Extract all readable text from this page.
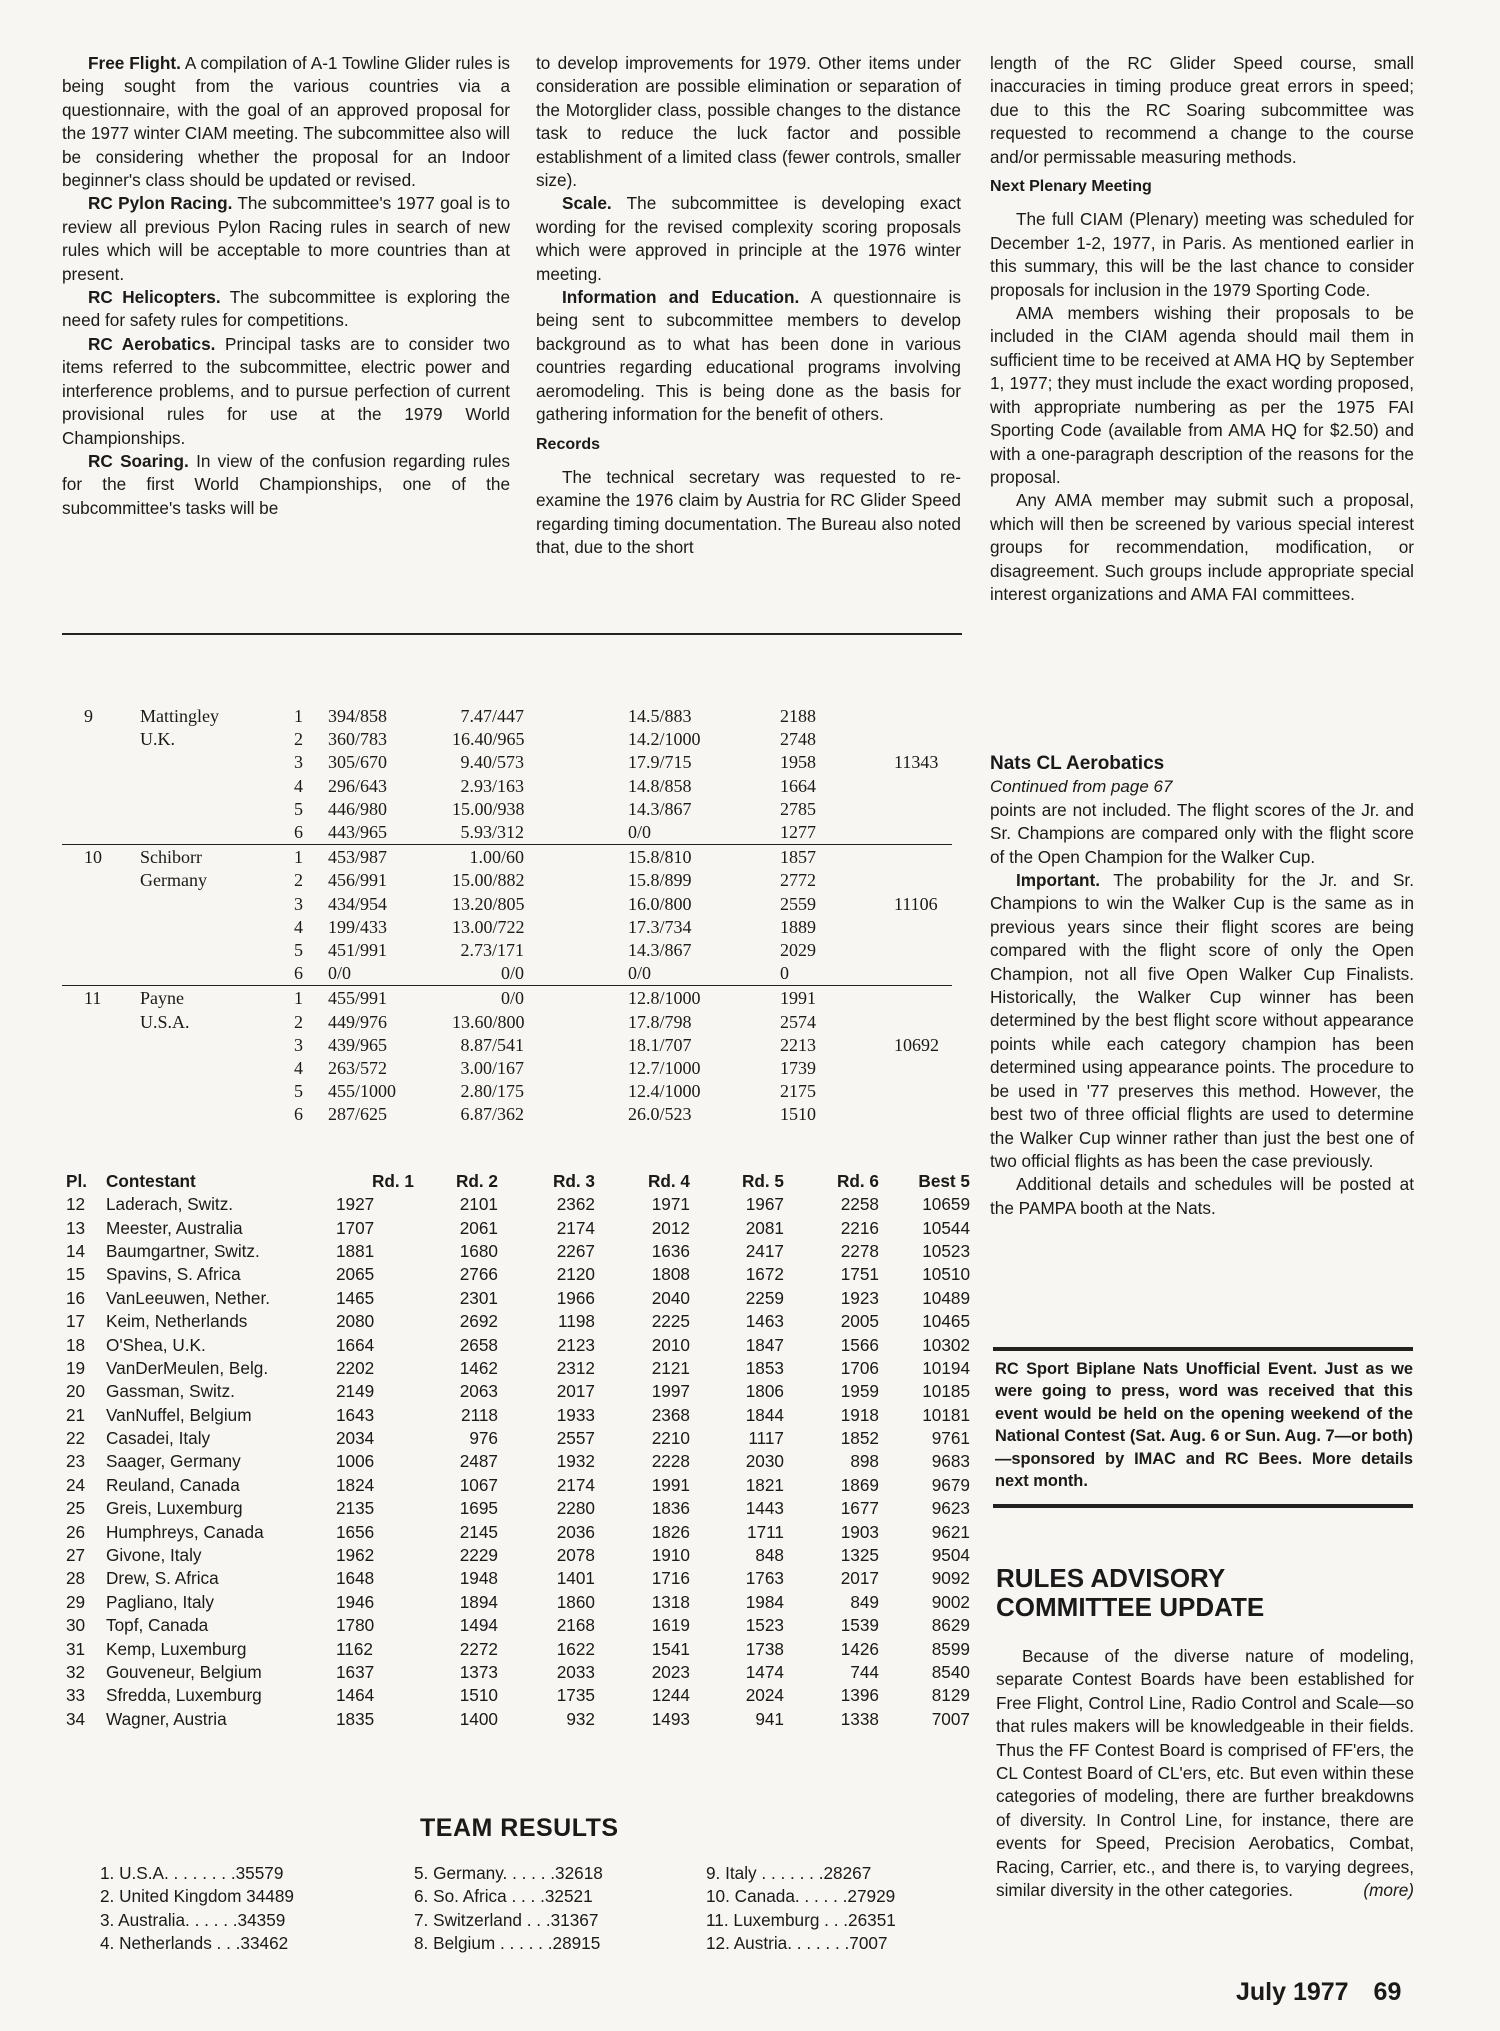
Free Flight. A compilation of A-1 Towline Glider rules is being sought from the various countries via a questionnaire, with the goal of an approved proposal for the 1977 winter CIAM meeting. The subcommittee also will be considering whether the proposal for an Indoor beginner's class should be updated or revised.

RC Pylon Racing. The subcommittee's 1977 goal is to review all previous Pylon Racing rules in search of new rules which will be acceptable to more countries than at present.

RC Helicopters. The subcommittee is exploring the need for safety rules for competitions.

RC Aerobatics. Principal tasks are to consider two items referred to the subcommittee, electric power and interference problems, and to pursue perfection of current provisional rules for use at the 1979 World Championships.

RC Soaring. In view of the confusion regarding rules for the first World Championships, one of the subcommittee's tasks will be

to develop improvements for 1979. Other items under consideration are possible elimination or separation of the Motorglider class, possible changes to the distance task to reduce the luck factor and possible establishment of a limited class (fewer controls, smaller size).

Scale. The subcommittee is developing exact wording for the revised complexity scoring proposals which were approved in principle at the 1976 winter meeting.

Information and Education. A questionnaire is being sent to subcommittee members to develop background as to what has been done in various countries regarding educational programs involving aeromodeling. This is being done as the basis for gathering information for the benefit of others.

Records

The technical secretary was requested to re-examine the 1976 claim by Austria for RC Glider Speed regarding timing documentation. The Bureau also noted that, due to the short

length of the RC Glider Speed course, small inaccuracies in timing produce great errors in speed; due to this the RC Soaring subcommittee was requested to recommend a change to the course and/or permissable measuring methods.

Next Plenary Meeting

The full CIAM (Plenary) meeting was scheduled for December 1-2, 1977, in Paris. As mentioned earlier in this summary, this will be the last chance to consider proposals for inclusion in the 1979 Sporting Code.

AMA members wishing their proposals to be included in the CIAM agenda should mail them in sufficient time to be received at AMA HQ by September 1, 1977; they must include the exact wording proposed, with appropriate numbering as per the 1975 FAI Sporting Code (available from AMA HQ for $2.50) and with a one-paragraph description of the reasons for the proposal.

Any AMA member may submit such a proposal, which will then be screened by various special interest groups for recommendation, modification, or disagreement. Such groups include appropriate special interest organizations and AMA FAI committees.

Nats CL Aerobatics

Continued from page 67

points are not included. The flight scores of the Jr. and Sr. Champions are compared only with the flight score of the Open Champion for the Walker Cup.

Important. The probability for the Jr. and Sr. Champions to win the Walker Cup is the same as in previous years since their flight scores are being compared with the flight score of only the Open Champion, not all five Open Walker Cup Finalists. Historically, the Walker Cup winner has been determined by the best flight score without appearance points while each category champion has been determined using appearance points. The procedure to be used in '77 preserves this method. However, the best two of three official flights are used to determine the Walker Cup winner rather than just the best one of two official flights as has been the case previously.

Additional details and schedules will be posted at the PAMPA booth at the Nats.

RC Sport Biplane Nats Unofficial Event. Just as we were going to press, word was received that this event would be held on the opening weekend of the National Contest (Sat. Aug. 6 or Sun. Aug. 7—or both)—sponsored by IMAC and RC Bees. More details next month.
RULES ADVISORY
COMMITTEE UPDATE

Because of the diverse nature of modeling, separate Contest Boards have been established for Free Flight, Control Line, Radio Control and Scale—so that rules makers will be knowledgeable in their fields. Thus the FF Contest Board is comprised of FF'ers, the CL Contest Board of CL'ers, etc. But even within these categories of modeling, there are further breakdowns of diversity. In Control Line, for instance, there are events for Speed, Precision Aerobatics, Combat, Racing, Carrier, etc., and there is, to varying degrees, similar diversity in the other categories.	(more)

9	Mattingley	1 394/858	7.47/447	14.5/883	2188
U.K.	2 360/783	16.40/965	14.2/1000	2748
3 305/670	9.40/573	17.9/715	1958	11343
4 296/643	2.93/163	14.8/858	1664
5 446/980	15.00/938	14.3/867	2785
6 443/965	5.93/312	0/0	1277
10 Schiborr	1 453/987	1.00/60	15.8/810	1857
Germany	2 456/991	15.00/882	15.8/899	2772
3 434/954	13.20/805	16.0/800	2559	11106
4 199/433	13.00/722	17.3/734	1889
5 451/991	2.73/171	14.3/867	2029
6 0/0	0/0	0/0	0
11 Payne	1 455/991	0/0	12.8/1000	1991
U.S.A.	2 449/976	13.60/800	17.8/798	2574
3 439/965	8.87/541	18.1/707	2213	10692
4 263/572	3.00/167	12.7/1000	1739
5 455/1000	2.80/175	12.4/1000	2175
6 287/625	6.87/362	26.0/523	1510
Pl.	Contestant	Rd. 1	Rd. 2	Rd. 3	Rd. 4	Rd. 5	Rd. 6	Best 5
12	Laderach, Switz.	1927	2101	2362	1971	1967	2258	10659
13	Meester, Australia	1707	2061	2174	2012	2081	2216	10544
14	Baumgartner, Switz.	1881	1680	2267	1636	2417	2278	10523
15	Spavins, S. Africa	2065	2766	2120	1808	1672	1751	10510
16	VanLeeuwen, Nether.	1465	2301	1966	2040	2259	1923	10489
17	Keim, Netherlands	2080	2692	1198	2225	1463	2005	10465
18	O'Shea, U.K.	1664	2658	2123	2010	1847	1566	10302
19	VanDerMeulen, Belg.	2202	1462	2312	2121	1853	1706	10194
20	Gassman, Switz.	2149	2063	2017	1997	1806	1959	10185
21	VanNuffel, Belgium	1643	2118	1933	2368	1844	1918	10181
22	Casadei, Italy	2034	976	2557	2210	1117	1852	9761
23	Saager, Germany	1006	2487	1932	2228	2030	898	9683
24	Reuland, Canada	1824	1067	2174	1991	1821	1869	9679
25	Greis, Luxemburg	2135	1695	2280	1836	1443	1677	9623
26	Humphreys, Canada	1656	2145	2036	1826	1711	1903	9621
27	Givone, Italy	1962	2229	2078	1910	848	1325	9504
28	Drew, S. Africa	1648	1948	1401	1716	1763	2017	9092
29	Pagliano, Italy	1946	1894	1860	1318	1984	849	9002
30	Topf, Canada	1780	1494	2168	1619	1523	1539	8629
31	Kemp, Luxemburg	1162	2272	1622	1541	1738	1426	8599
32	Gouveneur, Belgium	1637	1373	2033	2023	1474	744	8540
33	Sfredda, Luxemburg	1464	1510	1735	1244	2024	1396	8129
34	Wagner, Austria	1835	1400	932	1493	941	1338	7007
TEAM RESULTS
1. U.S.A. . . . . . . .35579
2. United Kingdom 34489
3. Australia. . . . . .34359
4. Netherlands . . .33462
5. Germany. . . . . .32618
6. So. Africa . . . .32521
7. Switzerland . . .31367
8. Belgium . . . . . .28915
9. Italy . . . . . . .28267
10. Canada. . . . . .27929
11. Luxemburg . . .26351
12. Austria. . . . . . .7007
July 1977 69
